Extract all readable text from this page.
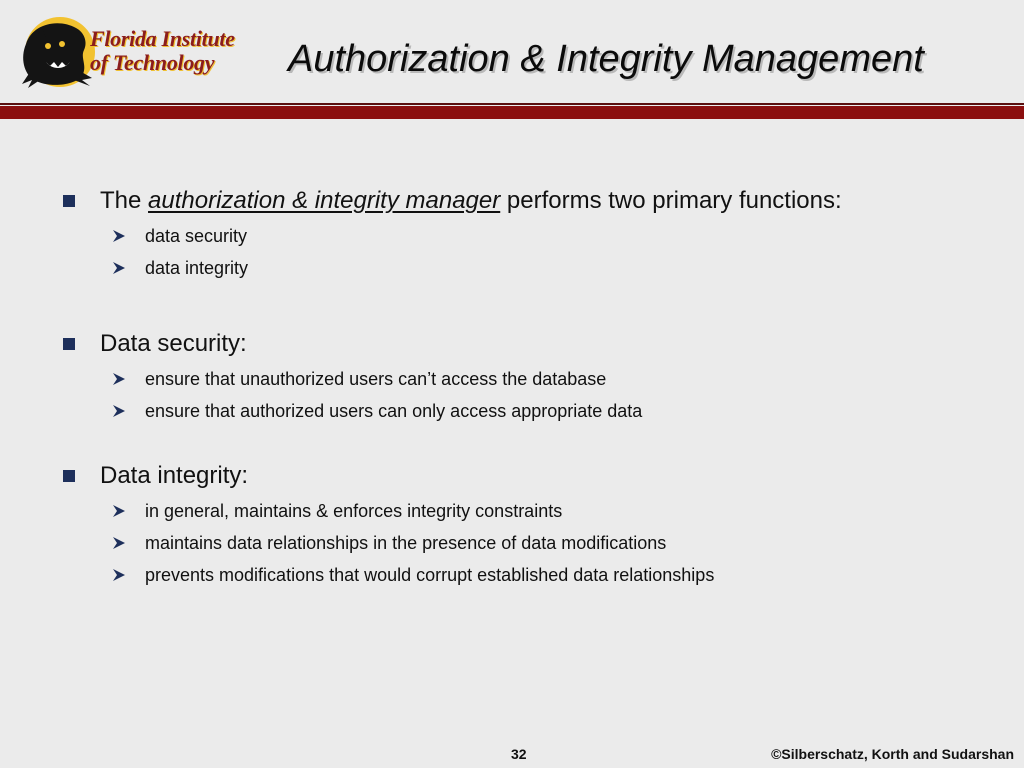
Florida Institute
of Technology Authorization & Integrity Management
The authorization & integrity manager performs two primary functions:
data security
data integrity
Data security:
ensure that unauthorized users can’t access the database
ensure that authorized users can only access appropriate data
Data integrity:
in general, maintains & enforces integrity constraints
maintains data relationships in the presence of data modifications
prevents modifications that would corrupt established data relationships
32	©Silberschatz, Korth and Sudarshan
